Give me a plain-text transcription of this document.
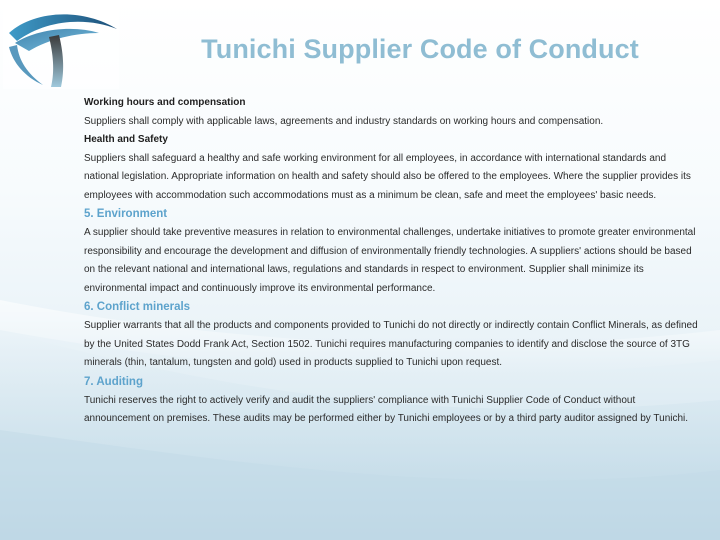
Tunichi Supplier Code of Conduct

Working hours and compensation

Suppliers shall comply with applicable laws, agreements and industry standards on working hours and compensation.

Health and Safety

Suppliers shall safeguard a healthy and safe working environment for all employees, in accordance with international standards and national legislation. Appropriate information on health and safety should also be offered to the employees. Where the supplier provides its employees with accommodation such accommodations must as a minimum be clean, safe and meet the employees' basic needs.

5. Environment

A supplier should take preventive measures in relation to environmental challenges, undertake initiatives to promote greater environmental responsibility and encourage the development and diffusion of environmentally friendly technologies. A suppliers' actions should be based on the relevant national and international laws, regulations and standards in respect to environment. Supplier shall minimize its environmental impact and continuously improve its environmental performance.

6. Conflict minerals

Supplier warrants that all the products and components provided to Tunichi do not directly or indirectly contain Conflict Minerals, as defined by the United States Dodd Frank Act, Section 1502. Tunichi requires manufacturing companies to identify and disclose the source of 3TG minerals (thin, tantalum, tungsten and gold) used in products supplied to Tunichi upon request.

7. Auditing

Tunichi reserves the right to actively verify and audit the suppliers' compliance with Tunichi Supplier Code of Conduct without announcement on premises. These audits may be performed either by Tunichi employees or by a third party auditor assigned by Tunichi.
